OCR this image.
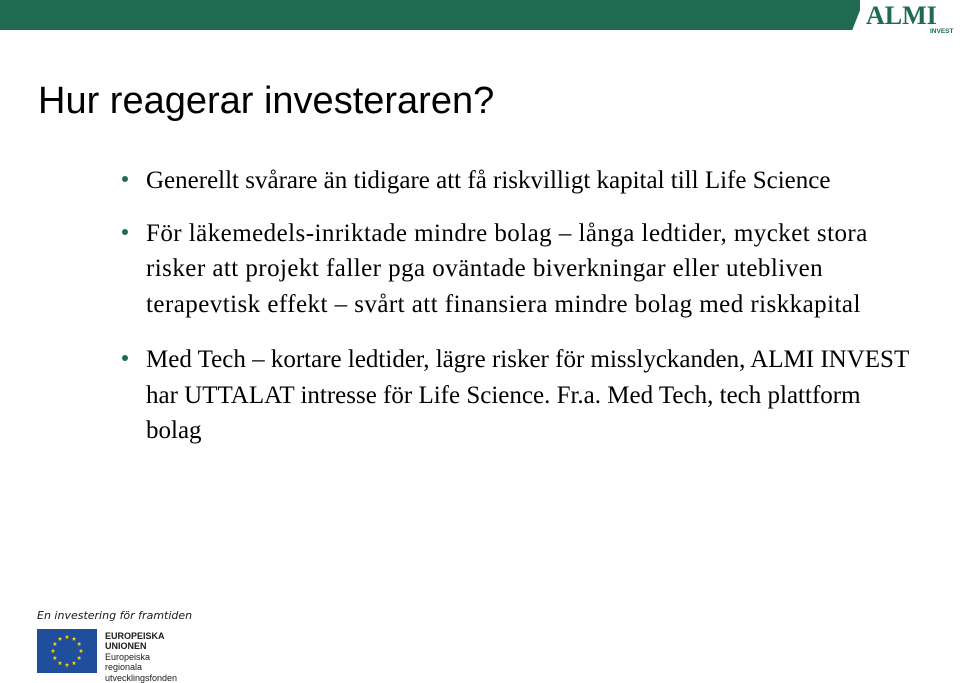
ALMI
INVEST
Hur reagerar investeraren?
Generellt svårare än tidigare att få riskvilligt kapital till Life Science
För läkemedels-inriktade mindre bolag – långa ledtider, mycket stora risker att projekt faller pga oväntade biverkningar eller utebliven terapevtisk effekt – svårt att finansiera mindre bolag med riskkapital
Med Tech – kortare ledtider, lägre risker för misslyckanden, ALMI INVEST har UTTALAT intresse för Life Science. Fr.a. Med Tech, tech plattform bolag
En investering för framtiden
EUROPEISKA
UNIONEN
Europeiska
regionala
utvecklingsfonden
